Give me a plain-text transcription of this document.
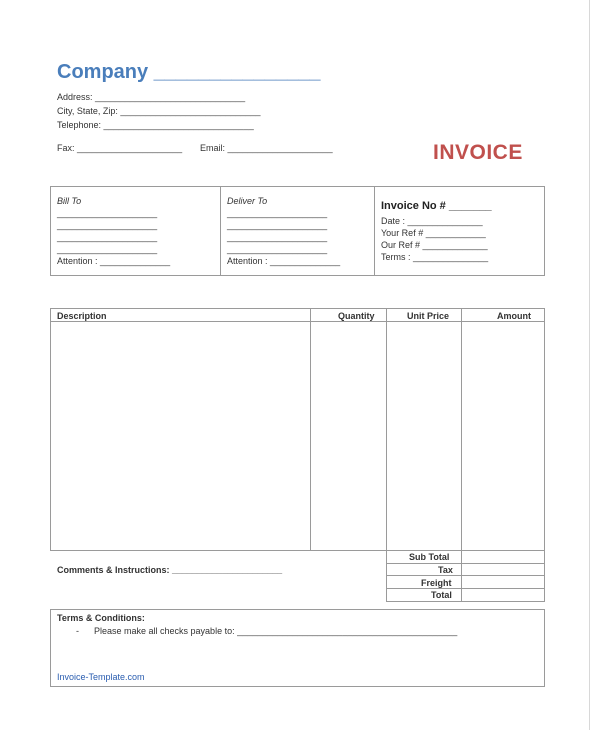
Company _______________
Address: ______________________________
City, State, Zip: ____________________________
Telephone: ______________________________
Fax: _____________________ Email: _____________________	INVOICE
Bill To
____________________
____________________
____________________
____________________
Attention : ______________
Deliver To
____________________
____________________
____________________
____________________
Attention : ______________
Invoice No # _______
Date : _______________
Your Ref # ____________
Our Ref # _____________
Terms : _______________
Description	Quantity	Unit Price	Amount
Sub Total
Tax
Freight
Total
Comments & Instructions: ______________________
Terms & Conditions:
- Please make all checks payable to: ____________________________________________
Invoice-Template.com
